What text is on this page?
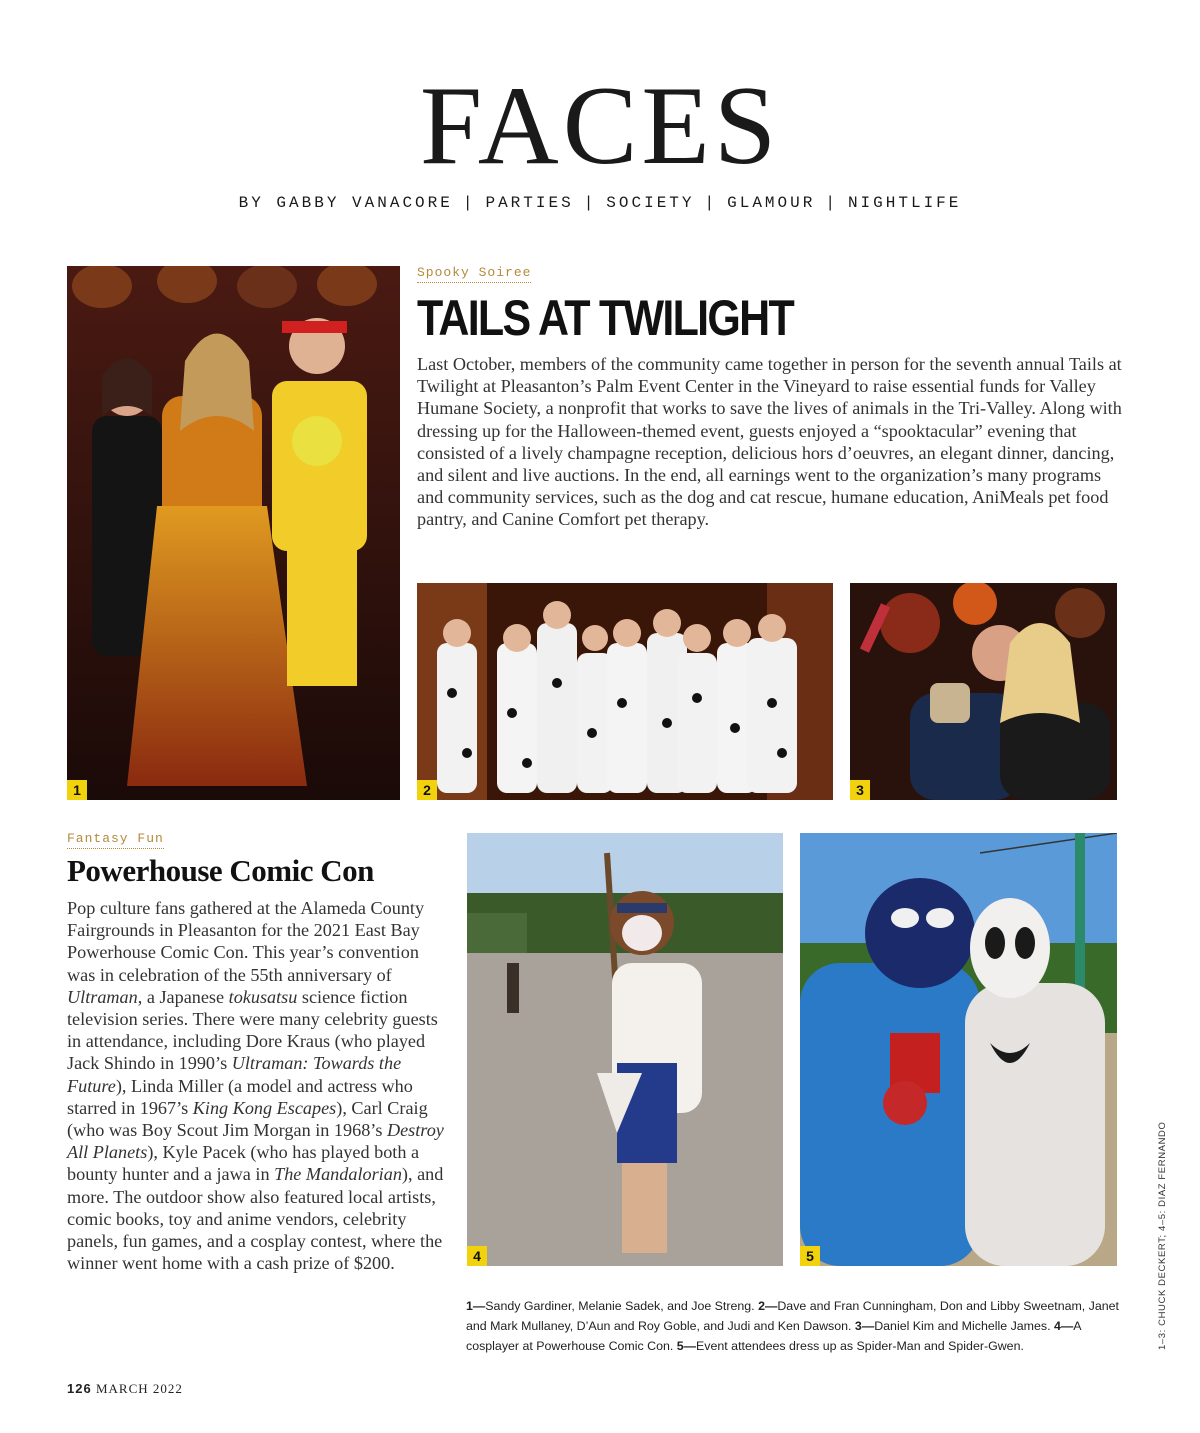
FACES
BY GABBY VANACORE | PARTIES | SOCIETY | GLAMOUR | NIGHTLIFE
1
Spooky Soiree
TAILS AT TWILIGHT
Last October, members of the community came together in person for the seventh annual Tails at Twilight at Pleasanton’s Palm Event Center in the Vineyard to raise essential funds for Valley Humane Society, a nonprofit that works to save the lives of animals in the Tri-Valley. Along with dressing up for the Halloween-themed event, guests enjoyed a “spooktacular” evening that consisted of a lively champagne reception, delicious hors d’oeuvres, an elegant dinner, dancing, and silent and live auctions. In the end, all earnings went to the organization’s many programs and community services, such as the dog and cat rescue, humane education, AniMeals pet food pantry, and Canine Comfort pet therapy.
2	3
Fantasy Fun
Powerhouse Comic Con
Pop culture fans gathered at the Alameda County Fairgrounds in Pleasanton for the 2021 East Bay Powerhouse Comic Con. This year’s convention was in celebration of the 55th anniversary of Ultraman, a Japanese tokusatsu science fiction television series. There were many celebrity guests in attendance, including Dore Kraus (who played Jack Shindo in 1990’s Ultraman: Towards the Future), Linda Miller (a model and actress who starred in 1967’s King Kong Escapes), Carl Craig (who was Boy Scout Jim Morgan in 1968’s Destroy All Planets), Kyle Pacek (who has played both a bounty hunter and a jawa in The Mandalorian), and more. The outdoor show also featured local artists, comic books, toy and anime vendors, celebrity panels, fun games, and a cosplay contest, where the winner went home with a cash prize of $200.	4	5
1—Sandy Gardiner, Melanie Sadek, and Joe Streng. 2—Dave and Fran Cunningham, Don and Libby Sweetnam, Janet and Mark Mullaney, D’Aun and Roy Goble, and Judi and Ken Dawson. 3—Daniel Kim and Michelle James. 4—A cosplayer at Powerhouse Comic Con. 5—Event attendees dress up as Spider-Man and Spider-Gwen.	1–3: CHUCK DECKERT; 4–5: DIAZ FERNANDO
126 MARCH 2022
